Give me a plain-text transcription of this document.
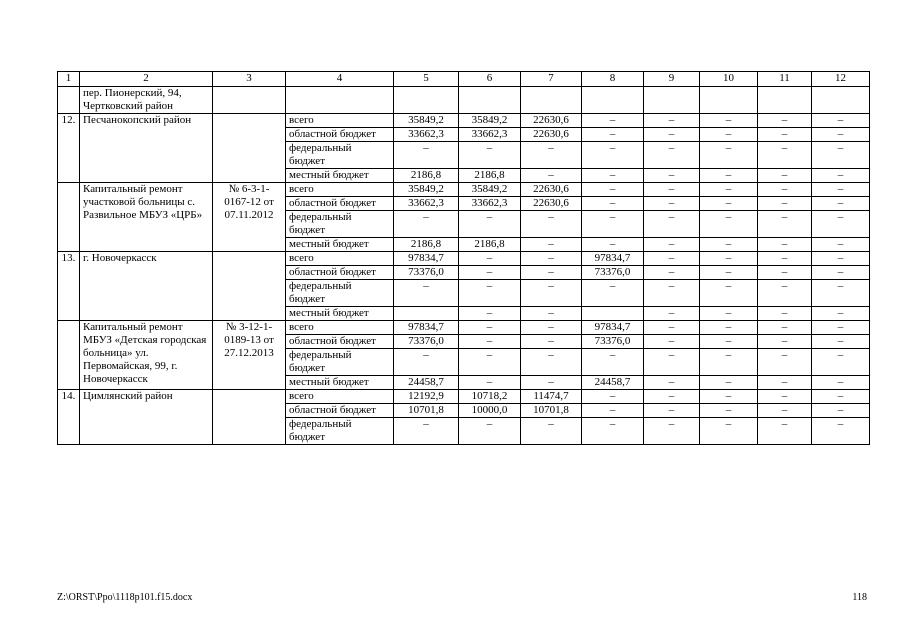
1	2	3	4	5	6	7	8	9	10	11	12
	пер. Пионерский, 94, Чертковский район										
12.	Песчанокопский район		всего	35849,2	35849,2	22630,6	–	–	–	–	–
			областной бюджет	33662,3	33662,3	22630,6	–	–	–	–	–
			федеральный бюджет	–	–	–	–	–	–	–	–
			местный бюджет	2186,8	2186,8	–	–	–	–	–	–
	Капитальный ремонт участковой больницы с. Развильное МБУЗ «ЦРБ»	№ 6-3-1-0167-12 от 07.11.2012	всего	35849,2	35849,2	22630,6	–	–	–	–	–
			областной бюджет	33662,3	33662,3	22630,6	–	–	–	–	–
			федеральный бюджет	–	–	–	–	–	–	–	–
			местный бюджет	2186,8	2186,8	–	–	–	–	–	–
13.	г. Новочеркасск		всего	97834,7	–	–	97834,7	–	–	–	–
			областной бюджет	73376,0	–	–	73376,0	–	–	–	–
			федеральный бюджет	–	–	–	–	–	–	–	–
			местный бюджет		–	–		–	–	–	–
	Капитальный ремонт МБУЗ «Детская городская больница» ул. Первомайская, 99, г. Новочеркасск	№ 3-12-1-0189-13 от 27.12.2013	всего	97834,7	–	–	97834,7	–	–	–	–
			областной бюджет	73376,0	–	–	73376,0	–	–	–	–
			федеральный бюджет	–	–	–	–	–	–	–	–
			местный бюджет	24458,7	–	–	24458,7	–	–	–	–
14.	Цимлянский район		всего	12192,9	10718,2	11474,7	–	–	–	–	–
			областной бюджет	10701,8	10000,0	10701,8	–	–	–	–	–
			федеральный бюджет	–	–	–	–	–	–	–	–
Z:\ORST\Ppo\1118p101.f15.docx	118
